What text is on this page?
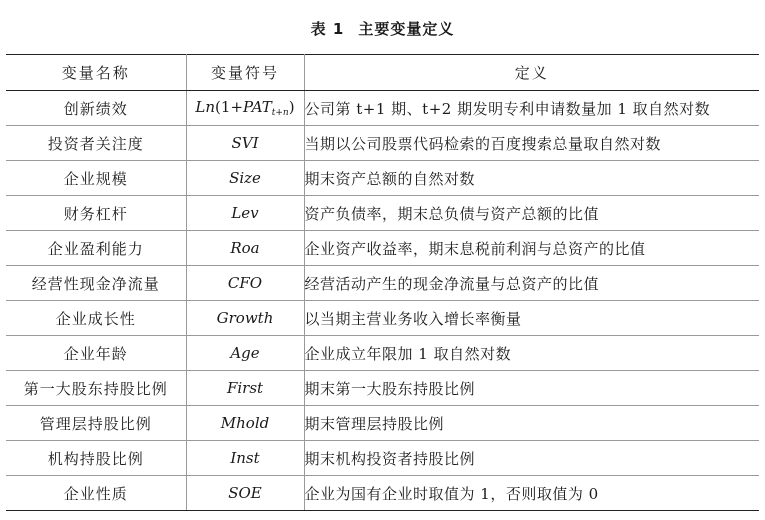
表 1 主要变量定义
变量名称	变量符号	定义
创新绩效	$Ln(1+PAT_{t+n})$	公司第 t+1 期、t+2 期发明专利申请数量加 1 取自然对数
投资者关注度	SVI	当期以公司股票代码检索的百度搜索总量取自然对数
企业规模	Size	期末资产总额的自然对数
财务杠杆	Lev	资产负债率，期末总负债与资产总额的比值
企业盈利能力	Roa	企业资产收益率，期末息税前利润与总资产的比值
经营性现金净流量	CFO	经营活动产生的现金净流量与总资产的比值
企业成长性	Growth	以当期主营业务收入增长率衡量
企业年龄	Age	企业成立年限加 1 取自然对数
第一大股东持股比例	First	期末第一大股东持股比例
管理层持股比例	Mhold	期末管理层持股比例
机构持股比例	Inst	期末机构投资者持股比例
企业性质	SOE	企业为国有企业时取值为 1，否则取值为 0
